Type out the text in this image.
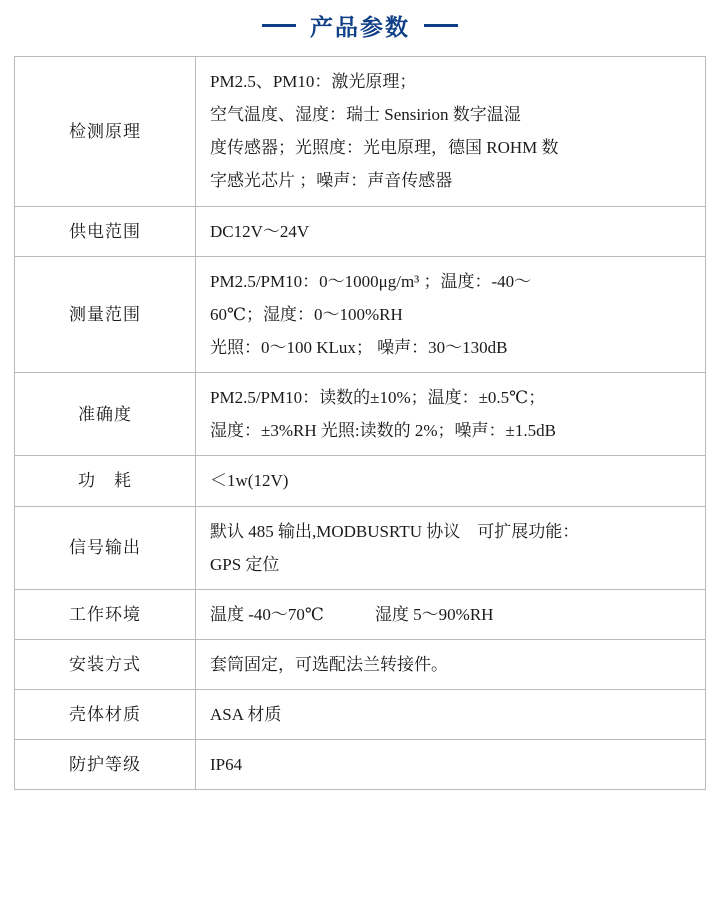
产品参数
检测原理	PM2.5、PM10：激光原理；
空气温度、湿度：瑞士 Sensirion 数字温湿
度传感器；光照度：光电原理，德国 ROHM 数
字感光芯片 ；噪声：声音传感器

供电范围	DC12V～24V

测量范围	PM2.5/PM10：0～1000μg/m³ ；温度：-40～
60℃；湿度：0～100%RH
光照：0～100 KLux； 噪声：30～130dB

准确度	PM2.5/PM10：读数的±10%；温度：±0.5℃；
湿度：±3%RH 光照:读数的 2%；噪声：±1.5dB

功　耗	＜1w(12V)

信号输出	默认 485 输出,MODBUSRTU 协议　可扩展功能：
GPS 定位

工作环境	温度 -40～70℃　　　湿度 5～90%RH

安装方式	套筒固定，可选配法兰转接件。

壳体材质	ASA 材质

防护等级	IP64
